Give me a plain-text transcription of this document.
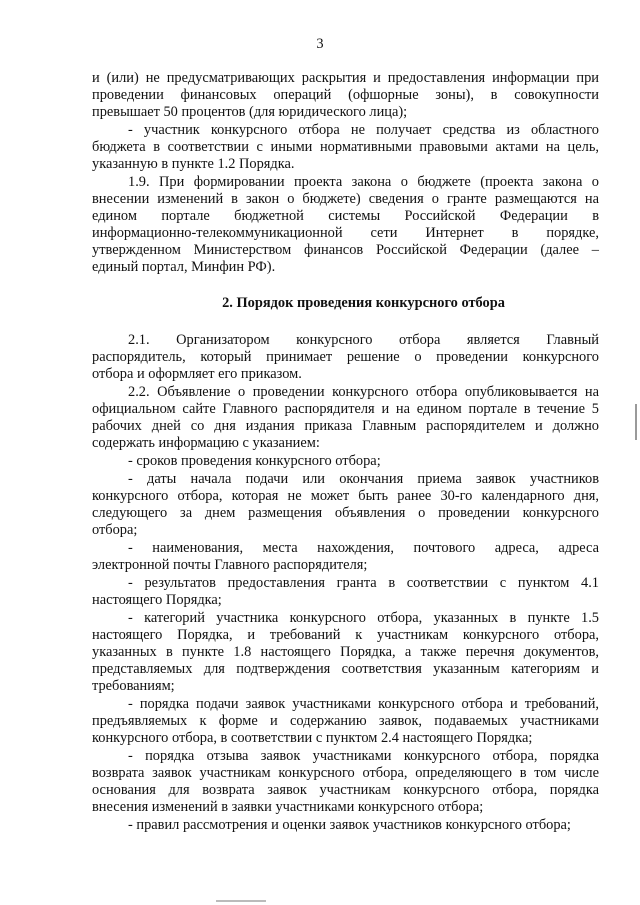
3
и (или) не предусматривающих раскрытия и предоставления информации при
проведении финансовых операций (офшорные зоны), в совокупности
превышает 50 процентов (для юридического лица);
- участник конкурсного отбора не получает средства из областного
бюджета в соответствии с иными нормативными правовыми актами на цель,
указанную в пункте 1.2 Порядка.
1.9. При формировании проекта закона о бюджете (проекта закона о
внесении изменений в закон о бюджете) сведения о гранте размещаются на
едином портале бюджетной системы Российской Федерации в
информационно-телекоммуникационной сети Интернет в порядке,
утвержденном Министерством финансов Российской Федерации (далее –
единый портал, Минфин РФ).
2. Порядок проведения конкурсного отбора
2.1. Организатором конкурсного отбора является Главный
распорядитель, который принимает решение о проведении конкурсного
отбора и оформляет его приказом.
2.2. Объявление о проведении конкурсного отбора опубликовывается на
официальном сайте Главного распорядителя и на едином портале в течение 5
рабочих дней со дня издания приказа Главным распорядителем и должно
содержать информацию с указанием:
- сроков проведения конкурсного отбора;
- даты начала подачи или окончания приема заявок участников
конкурсного отбора, которая не может быть ранее 30-го календарного дня,
следующего за днем размещения объявления о проведении конкурсного
отбора;
- наименования, места нахождения, почтового адреса, адреса
электронной почты Главного распорядителя;
- результатов предоставления гранта в соответствии с пунктом 4.1
настоящего Порядка;
- категорий участника конкурсного отбора, указанных в пункте 1.5
настоящего Порядка, и требований к участникам конкурсного отбора,
указанных в пункте 1.8 настоящего Порядка, а также перечня документов,
представляемых для подтверждения соответствия указанным категориям и
требованиям;
- порядка подачи заявок участниками конкурсного отбора и требований,
предъявляемых к форме и содержанию заявок, подаваемых участниками
конкурсного отбора, в соответствии с пунктом 2.4 настоящего Порядка;
- порядка отзыва заявок участниками конкурсного отбора, порядка
возврата заявок участникам конкурсного отбора, определяющего в том числе
основания для возврата заявок участникам конкурсного отбора, порядка
внесения изменений в заявки участниками конкурсного отбора;
- правил рассмотрения и оценки заявок участников конкурсного отбора;
